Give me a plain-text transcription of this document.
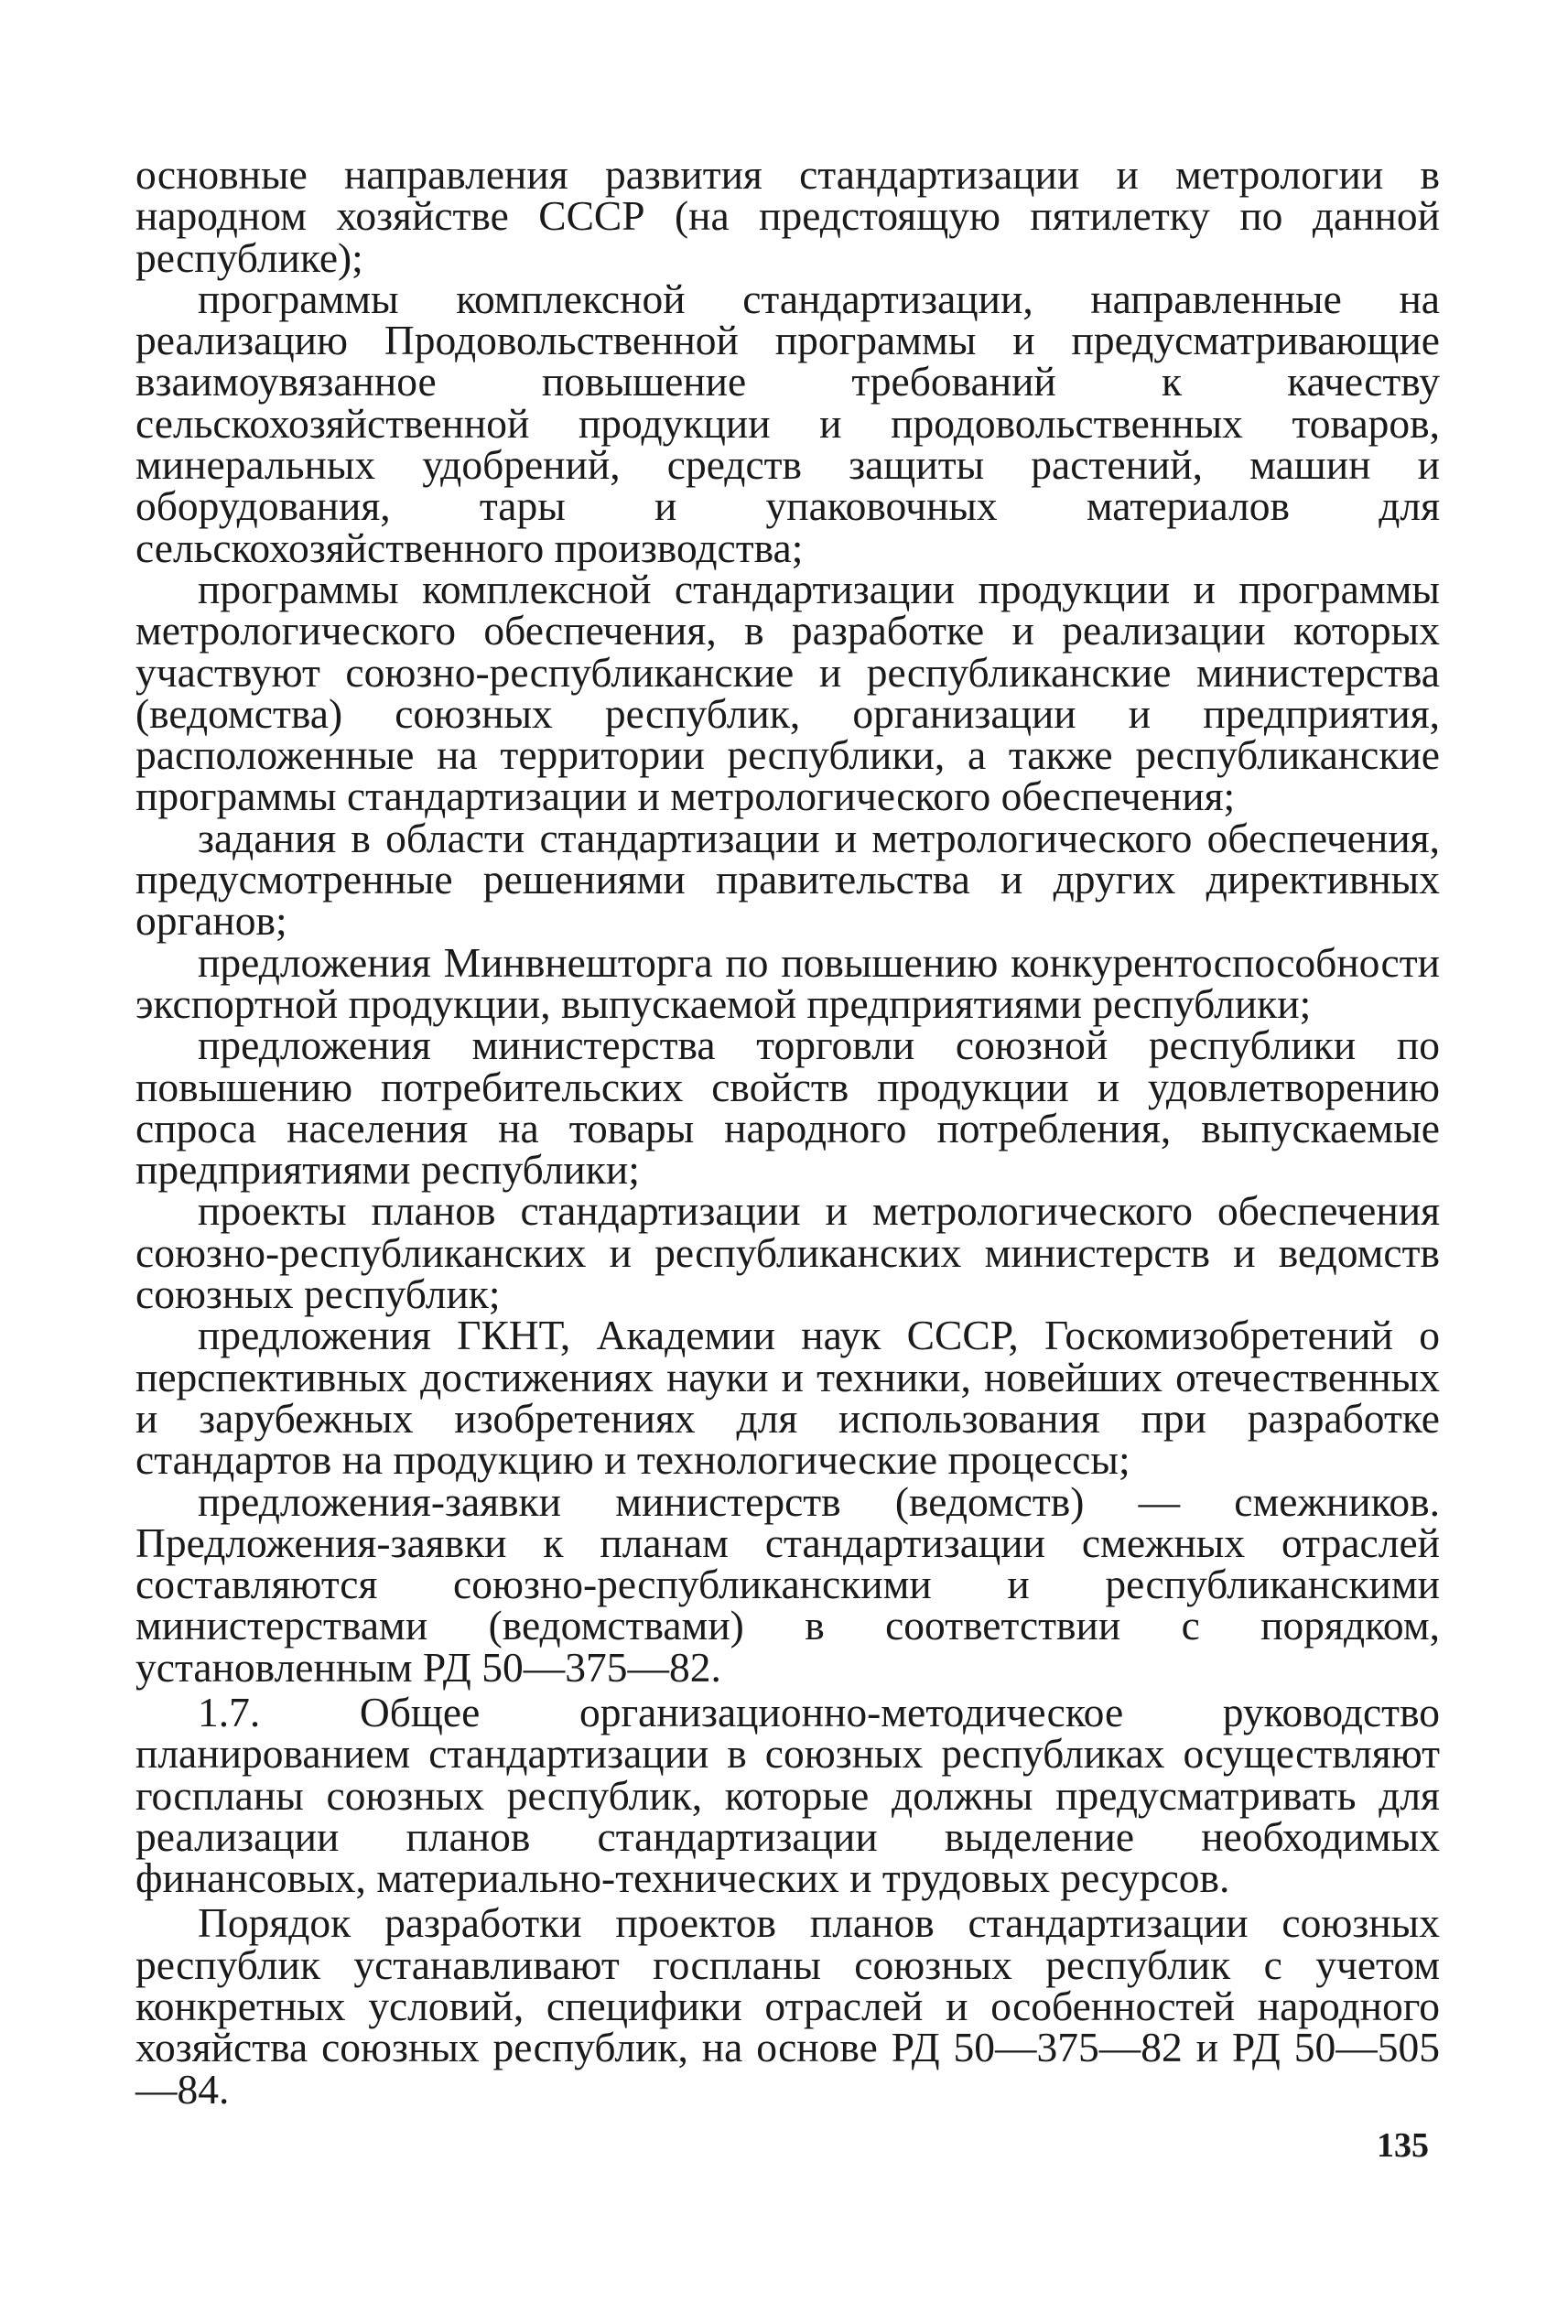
основные направления развития стандартизации и метрологии в народном хозяйстве СССР (на предстоящую пятилетку по данной республике);

программы комплексной стандартизации, направленные на реализацию Продовольственной программы и предусматривающие взаимоувязанное повышение требований к качеству сельскохозяйственной продукции и продовольственных товаров, минеральных удобрений, средств защиты растений, машин и оборудования, тары и упаковочных материалов для сельскохозяйственного производства;

программы комплексной стандартизации продукции и программы метрологического обеспечения, в разработке и реализации которых участвуют союзно-республиканские и республиканские министерства (ведомства) союзных республик, организации и предприятия, расположенные на территории республики, а также республиканские программы стандартизации и метрологического обеспечения;

задания в области стандартизации и метрологического обеспечения, предусмотренные решениями правительства и других директивных органов;

предложения Минвнешторга по повышению конкурентоспособности экспортной продукции, выпускаемой предприятиями республики;

предложения министерства торговли союзной республики по повышению потребительских свойств продукции и удовлетворению спроса населения на товары народного потребления, выпускаемые предприятиями республики;

проекты планов стандартизации и метрологического обеспечения союзно-республиканских и республиканских министерств и ведомств союзных республик;

предложения ГКНТ, Академии наук СССР, Госкомизобретений о перспективных достижениях науки и техники, новейших отечественных и зарубежных изобретениях для использования при разработке стандартов на продукцию и технологические процессы;

предложения-заявки министерств (ведомств) — смежников. Предложения-заявки к планам стандартизации смежных отраслей составляются союзно-республиканскими и республиканскими министерствами (ведомствами) в соответствии с порядком, установленным РД 50—375—82.

1.7. Общее организационно-методическое руководство планированием стандартизации в союзных республиках осуществляют госпланы союзных республик, которые должны предусматривать для реализации планов стандартизации выделение необходимых финансовых, материально-технических и трудовых ресурсов.

Порядок разработки проектов планов стандартизации союзных республик устанавливают госпланы союзных республик с учетом конкретных условий, специфики отраслей и особенностей народного хозяйства союзных республик, на основе РД 50—375—82 и РД 50—505—84.

135
